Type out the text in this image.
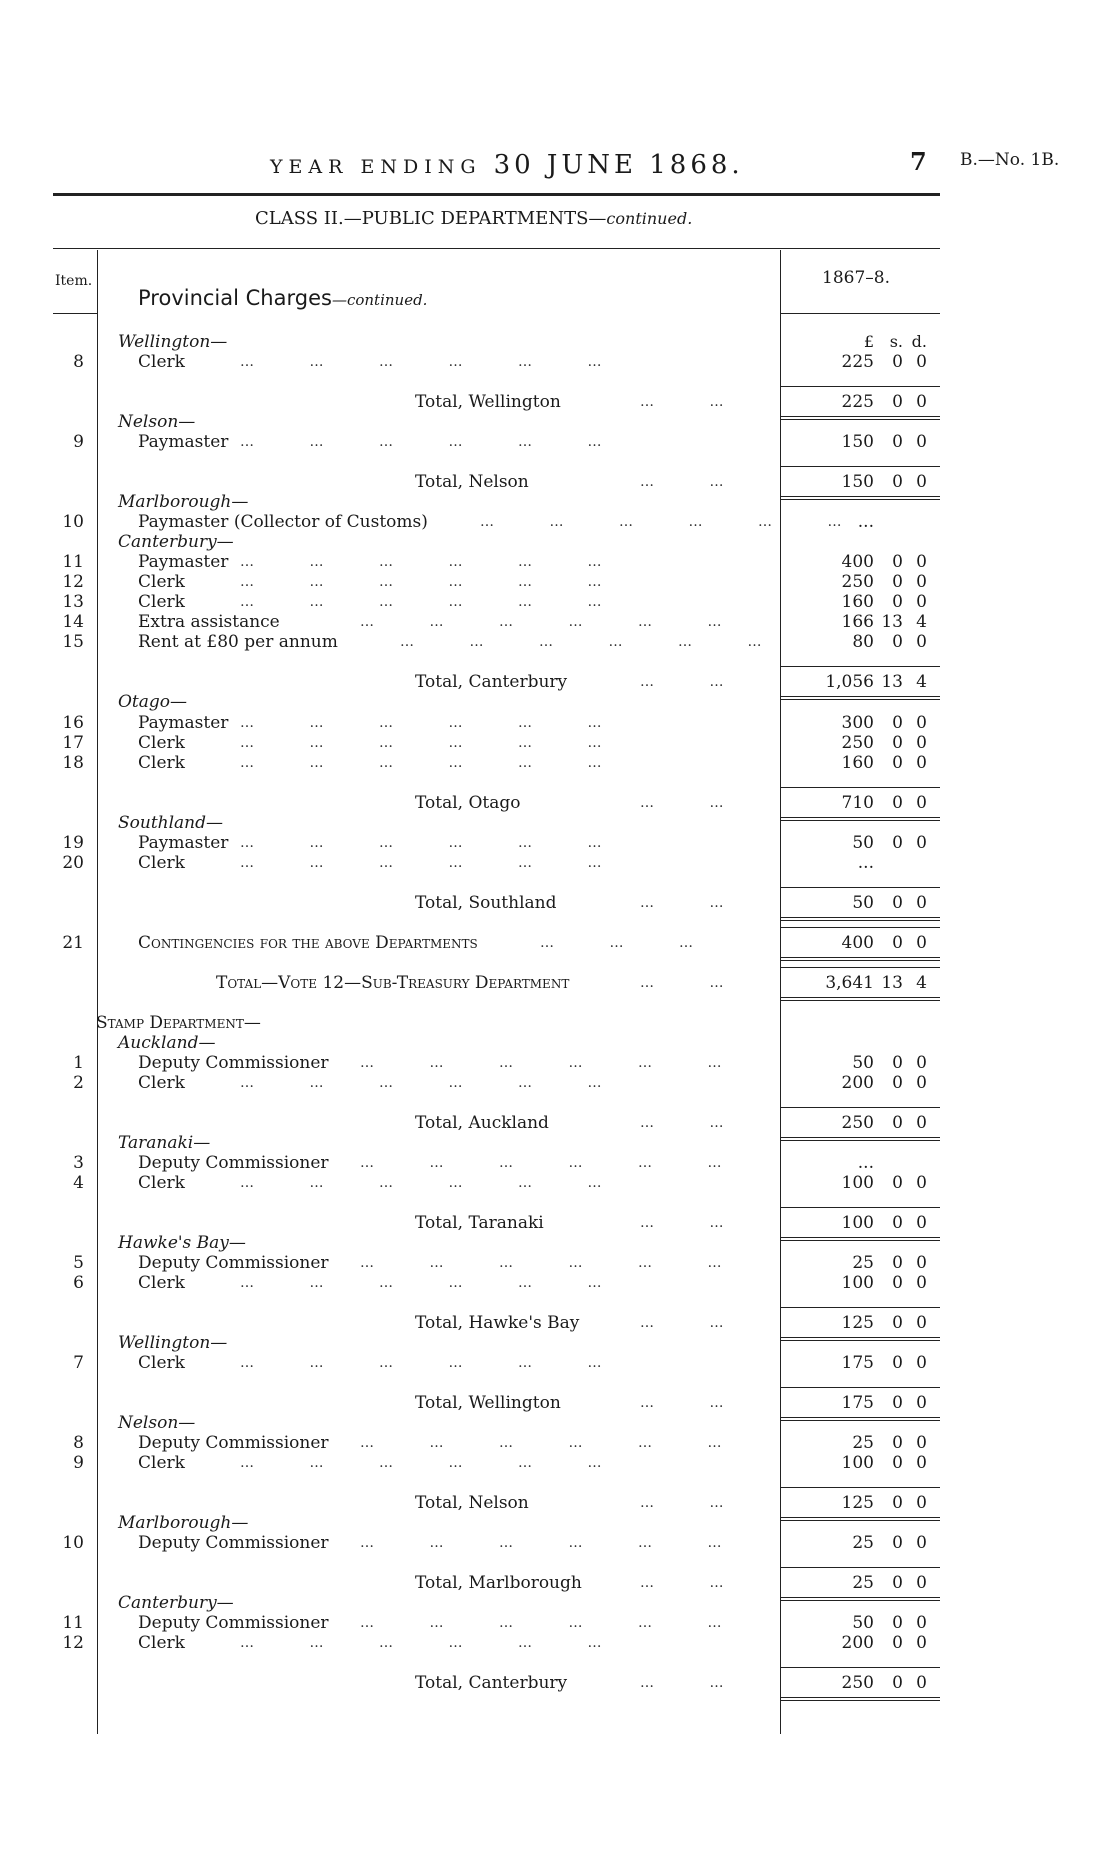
YEAR ENDING 30 JUNE 1868.	7 B.—No. 1B.
CLASS II.—PUBLIC DEPARTMENTS—continued.
Item.	1867–8.
Provincial Charges—continued.
£ s. d.
Wellington—
8	Clerk	…          …          …          …          …          …	225	0 0
Total, Wellington	…          …	225	0 0
Nelson—
9	Paymaster …          …          …          …          …          …	150	0 0
Total, Nelson	…          …	150	0 0
Marlborough—
10	Paymaster (Collector of Customs)	…          …          …          …          …          … ...
Canterbury—
11	Paymaster …          …          …          …          …          …	400	0 0
12	Clerk	…          …          …          …          …          …	250	0 0
13	Clerk	…          …          …          …          …          …	160	0 0
14	Extra assistance	…          …          …          …          …          …	166 13 4
15	Rent at £80 per annum	…          …          …          …          …          …	80	0 0
Total, Canterbury	…          …	1,056 13 4
Otago—
16	Paymaster …          …          …          …          …          …	300	0 0
17	Clerk	…          …          …          …          …          …	250	0 0
18	Clerk	…          …          …          …          …          …	160	0 0
Total, Otago	…          …	710	0 0
Southland—
19	Paymaster …          …          …          …          …          …	50	0 0
20	Clerk	…          …          …          …          …          …	...
Total, Southland	…          …	50	0 0
21	Contingencies for the above Departments	…          …          …	400	0 0
Total—Vote 12—Sub-Treasury Department	…          …	3,641 13 4
Stamp Department—
Auckland—
1	Deputy Commissioner …          …          …          …          …          …	50	0 0
2	Clerk	…          …          …          …          …          …	200	0 0
Total, Auckland	…          …	250	0 0
Taranaki—
3	Deputy Commissioner …          …          …          …          …          …	...
4	Clerk	…          …          …          …          …          …	100	0 0
Total, Taranaki	…          …	100	0 0
Hawke's Bay—
5	Deputy Commissioner …          …          …          …          …          …	25	0 0
6	Clerk	…          …          …          …          …          …	100	0 0
Total, Hawke's Bay	…          …	125	0 0
Wellington—
7	Clerk	…          …          …          …          …          …	175	0 0
Total, Wellington	…          …	175	0 0
Nelson—
8	Deputy Commissioner …          …          …          …          …          …	25	0 0
9	Clerk	…          …          …          …          …          …	100	0 0
Total, Nelson	…          …	125	0 0
Marlborough—
10	Deputy Commissioner …          …          …          …          …          …	25	0 0
Total, Marlborough	…          …	25	0 0
Canterbury—
11	Deputy Commissioner …          …          …          …          …          …	50	0 0
12	Clerk	…          …          …          …          …          …	200	0 0
Total, Canterbury	…          …	250	0 0
